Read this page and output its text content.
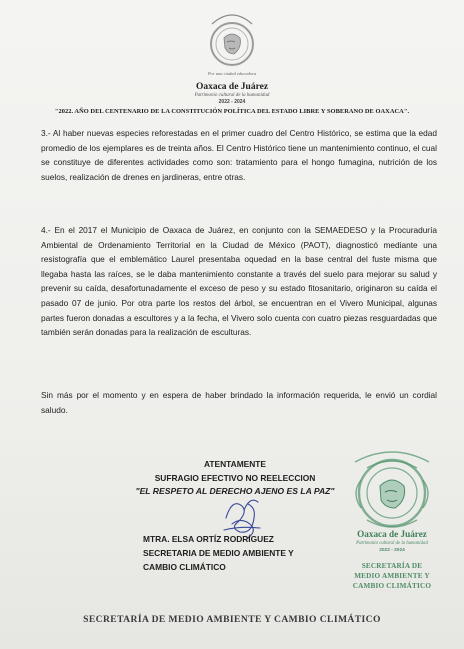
Por una ciudad educadora
Oaxaca de Juárez
Patrimonio cultural de la humanidad
2022 - 2024
"2022. AÑO DEL CENTENARIO DE LA CONSTITUCIÓN POLÍTICA DEL ESTADO LIBRE Y SOBERANO DE OAXACA".
3.- Al haber nuevas especies reforestadas en el primer cuadro del Centro Histórico, se estima que la edad promedio de los ejemplares es de treinta años. El Centro Histórico tiene un mantenimiento continuo, el cual se constituye de diferentes actividades como son: tratamiento para el hongo fumagina, nutrición de los suelos, realización de drenes en jardineras, entre otras.
4.- En el 2017 el Municipio de Oaxaca de Juárez, en conjunto con la SEMAEDESO y la Procuraduría Ambiental de Ordenamiento Territorial en la Ciudad de México (PAOT), diagnosticó mediante una resistografía que el emblemático Laurel presentaba oquedad en la base central del fuste misma que llegaba hasta las raíces, se le daba mantenimiento constante a través del suelo para mejorar su salud y prevenir su caída, desafortunadamente el exceso de peso y su estado fitosanitario, originaron su caída el pasado 07 de junio. Por otra parte los restos del árbol, se encuentran en el Vivero Municipal, algunas partes fueron donadas a escultores y a la fecha, el Vivero solo cuenta con cuatro piezas resguardadas que también serán donadas para la realización de esculturas.
Sin más por el momento y en espera de haber brindado la información requerida, le envió un cordial saludo.
ATENTAMENTE
SUFRAGIO EFECTIVO NO REELECCION
"EL RESPETO AL DERECHO AJENO ES LA PAZ"
MTRA. ELSA ORTÍZ RODRÍGUEZ
SECRETARIA DE MEDIO AMBIENTE Y
CAMBIO CLIMÁTICO
Oaxaca de Juárez
Patrimonio cultural de la humanidad
2022 - 2024
SECRETARÍA DE
MEDIO AMBIENTE Y
CAMBIO CLIMÁTICO
SECRETARÍA DE MEDIO AMBIENTE Y CAMBIO CLIMÁTICO
